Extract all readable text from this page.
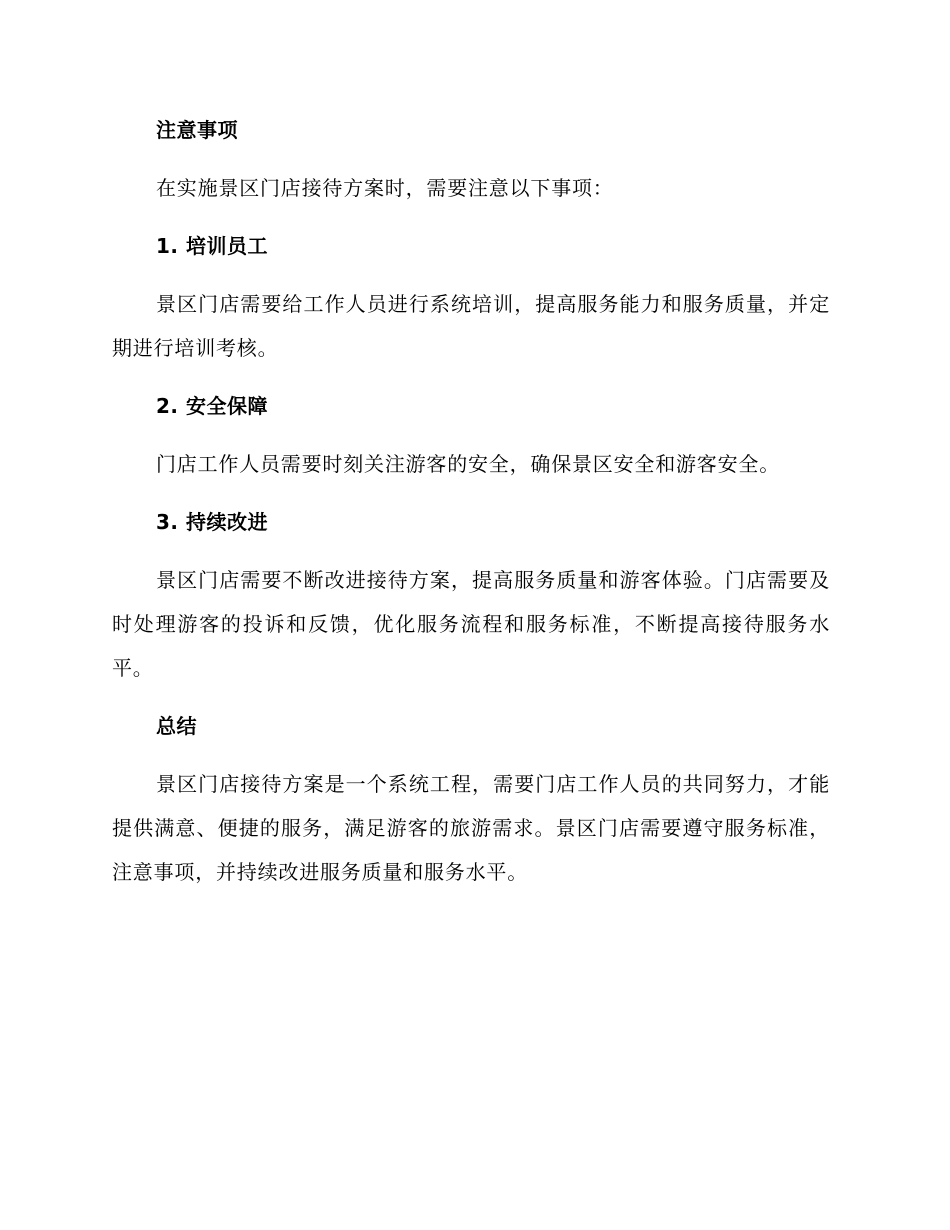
注意事项
在实施景区门店接待方案时，需要注意以下事项：
1. 培训员工
景区门店需要给工作人员进行系统培训，提高服务能力和服务质量，并定期进行培训考核。
2. 安全保障
门店工作人员需要时刻关注游客的安全，确保景区安全和游客安全。
3. 持续改进
景区门店需要不断改进接待方案，提高服务质量和游客体验。门店需要及时处理游客的投诉和反馈，优化服务流程和服务标准，不断提高接待服务水平。
总结
景区门店接待方案是一个系统工程，需要门店工作人员的共同努力，才能提供满意、便捷的服务，满足游客的旅游需求。景区门店需要遵守服务标准，注意事项，并持续改进服务质量和服务水平。
